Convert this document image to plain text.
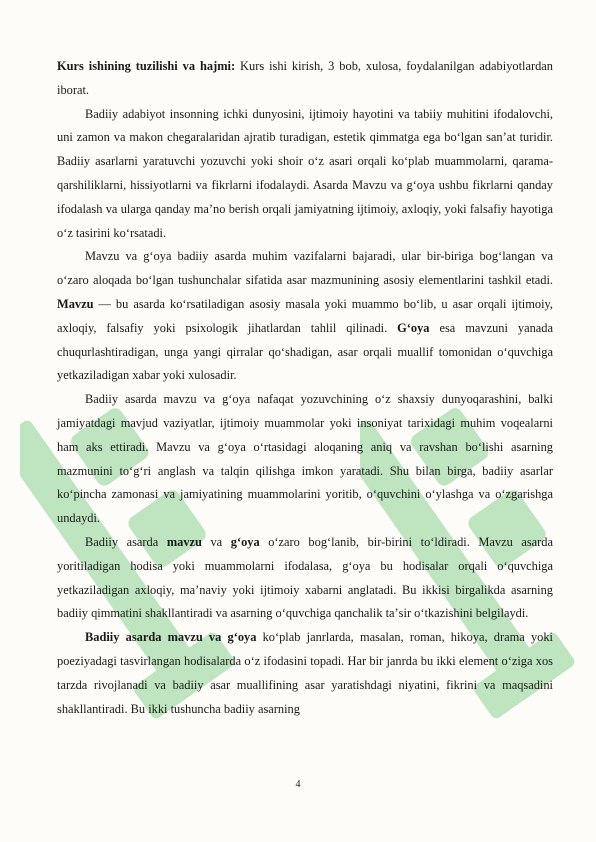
Kurs ishining tuzilishi va hajmi: Kurs ishi kirish, 3 bob, xulosa, foydalanilgan adabiyotlardan iborat.

Badiiy adabiyot insonning ichki dunyosini, ijtimoiy hayotini va tabiiy muhitini ifodalovchi, uni zamon va makon chegaralaridan ajratib turadigan, estetik qimmatga ega boʻlgan sanʼat turidir. Badiiy asarlarni yaratuvchi yozuvchi yoki shoir oʻz asari orqali koʻplab muammolarni, qarama-qarshiliklarni, hissiyotlarni va fikrlarni ifodalaydi. Asarda Mavzu va gʻoya ushbu fikrlarni qanday ifodalash va ularga qanday maʼno berish orqali jamiyatning ijtimoiy, axloqiy, yoki falsafiy hayotiga oʻz tasirini koʻrsatadi.

Mavzu va gʻoya badiiy asarda muhim vazifalarni bajaradi, ular bir-biriga bogʻlangan va oʻzaro aloqada boʻlgan tushunchalar sifatida asar mazmunining asosiy elementlarini tashkil etadi. Mavzu — bu asarda koʻrsatiladigan asosiy masala yoki muammo boʻlib, u asar orqali ijtimoiy, axloqiy, falsafiy yoki psixologik jihatlardan tahlil qilinadi. Gʻoya esa mavzuni yanada chuqurlashtiradigan, unga yangi qirralar qoʻshadigan, asar orqali muallif tomonidan oʻquvchiga yetkaziladigan xabar yoki xulosadir.

Badiiy asarda mavzu va gʻoya nafaqat yozuvchining oʻz shaxsiy dunyoqarashini, balki jamiyatdagi mavjud vaziyatlar, ijtimoiy muammolar yoki insoniyat tarixidagi muhim voqealarni ham aks ettiradi. Mavzu va gʻoya oʻrtasidagi aloqaning aniq va ravshan boʻlishi asarning mazmunini toʻgʻri anglash va talqin qilishga imkon yaratadi. Shu bilan birga, badiiy asarlar koʻpincha zamonasi va jamiyatining muammolarini yoritib, oʻquvchini oʻylashga va oʻzgarishga undaydi.

Badiiy asarda mavzu va gʻoya oʻzaro bogʻlanib, bir-birini toʻldiradi. Mavzu asarda yoritiladigan hodisa yoki muammolarni ifodalasa, gʻoya bu hodisalar orqali oʻquvchiga yetkaziladigan axloqiy, maʼnaviy yoki ijtimoiy xabarni anglatadi. Bu ikkisi birgalikda asarning badiiy qimmatini shakllantiradi va asarning oʻquvchiga qanchalik taʼsir oʻtkazishini belgilaydi.

Badiiy asarda mavzu va gʻoya koʻplab janrlarda, masalan, roman, hikoya, drama yoki poeziyadagi tasvirlangan hodisalarda oʻz ifodasini topadi. Har bir janrda bu ikki element oʻziga xos tarzda rivojlanadi va badiiy asar muallifining asar yaratishdagi niyatini, fikrini va maqsadini shakllantiradi. Bu ikki tushuncha badiiy asarning

4
